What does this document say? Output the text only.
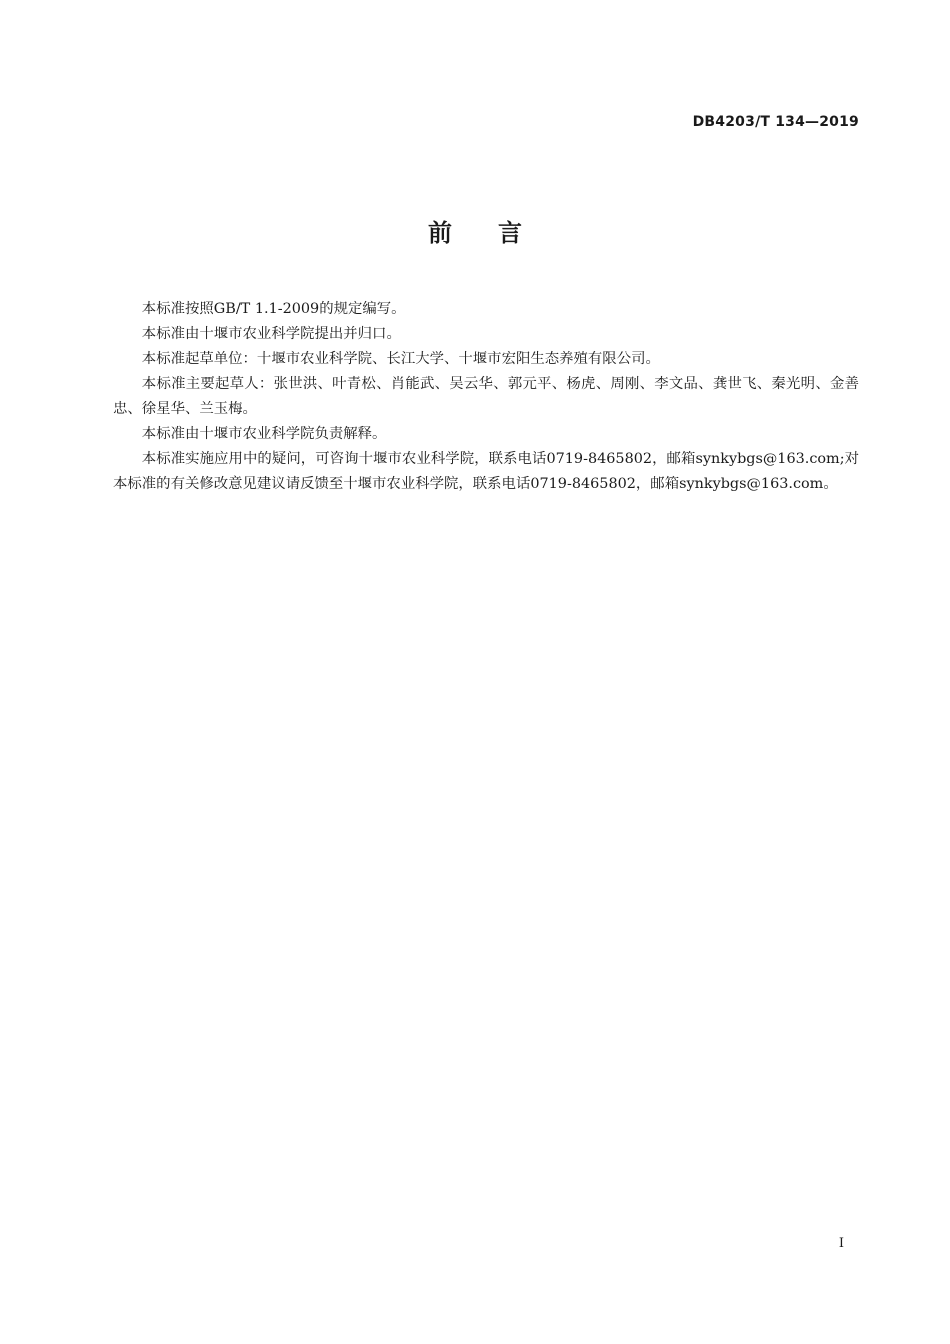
DB4203/T 134—2019
前 言

本标准按照GB/T 1.1-2009的规定编写。

本标准由十堰市农业科学院提出并归口。

本标准起草单位：十堰市农业科学院、长江大学、十堰市宏阳生态养殖有限公司。

本标准主要起草人：张世洪、叶青松、肖能武、吴云华、郭元平、杨虎、周刚、李文品、龚世飞、秦光明、金善忠、徐星华、兰玉梅。

本标准由十堰市农业科学院负责解释。

本标准实施应用中的疑问，可咨询十堰市农业科学院，联系电话0719-8465802，邮箱synkybgs@163.com;对本标准的有关修改意见建议请反馈至十堰市农业科学院，联系电话0719-8465802，邮箱synkybgs@163.com。

I
